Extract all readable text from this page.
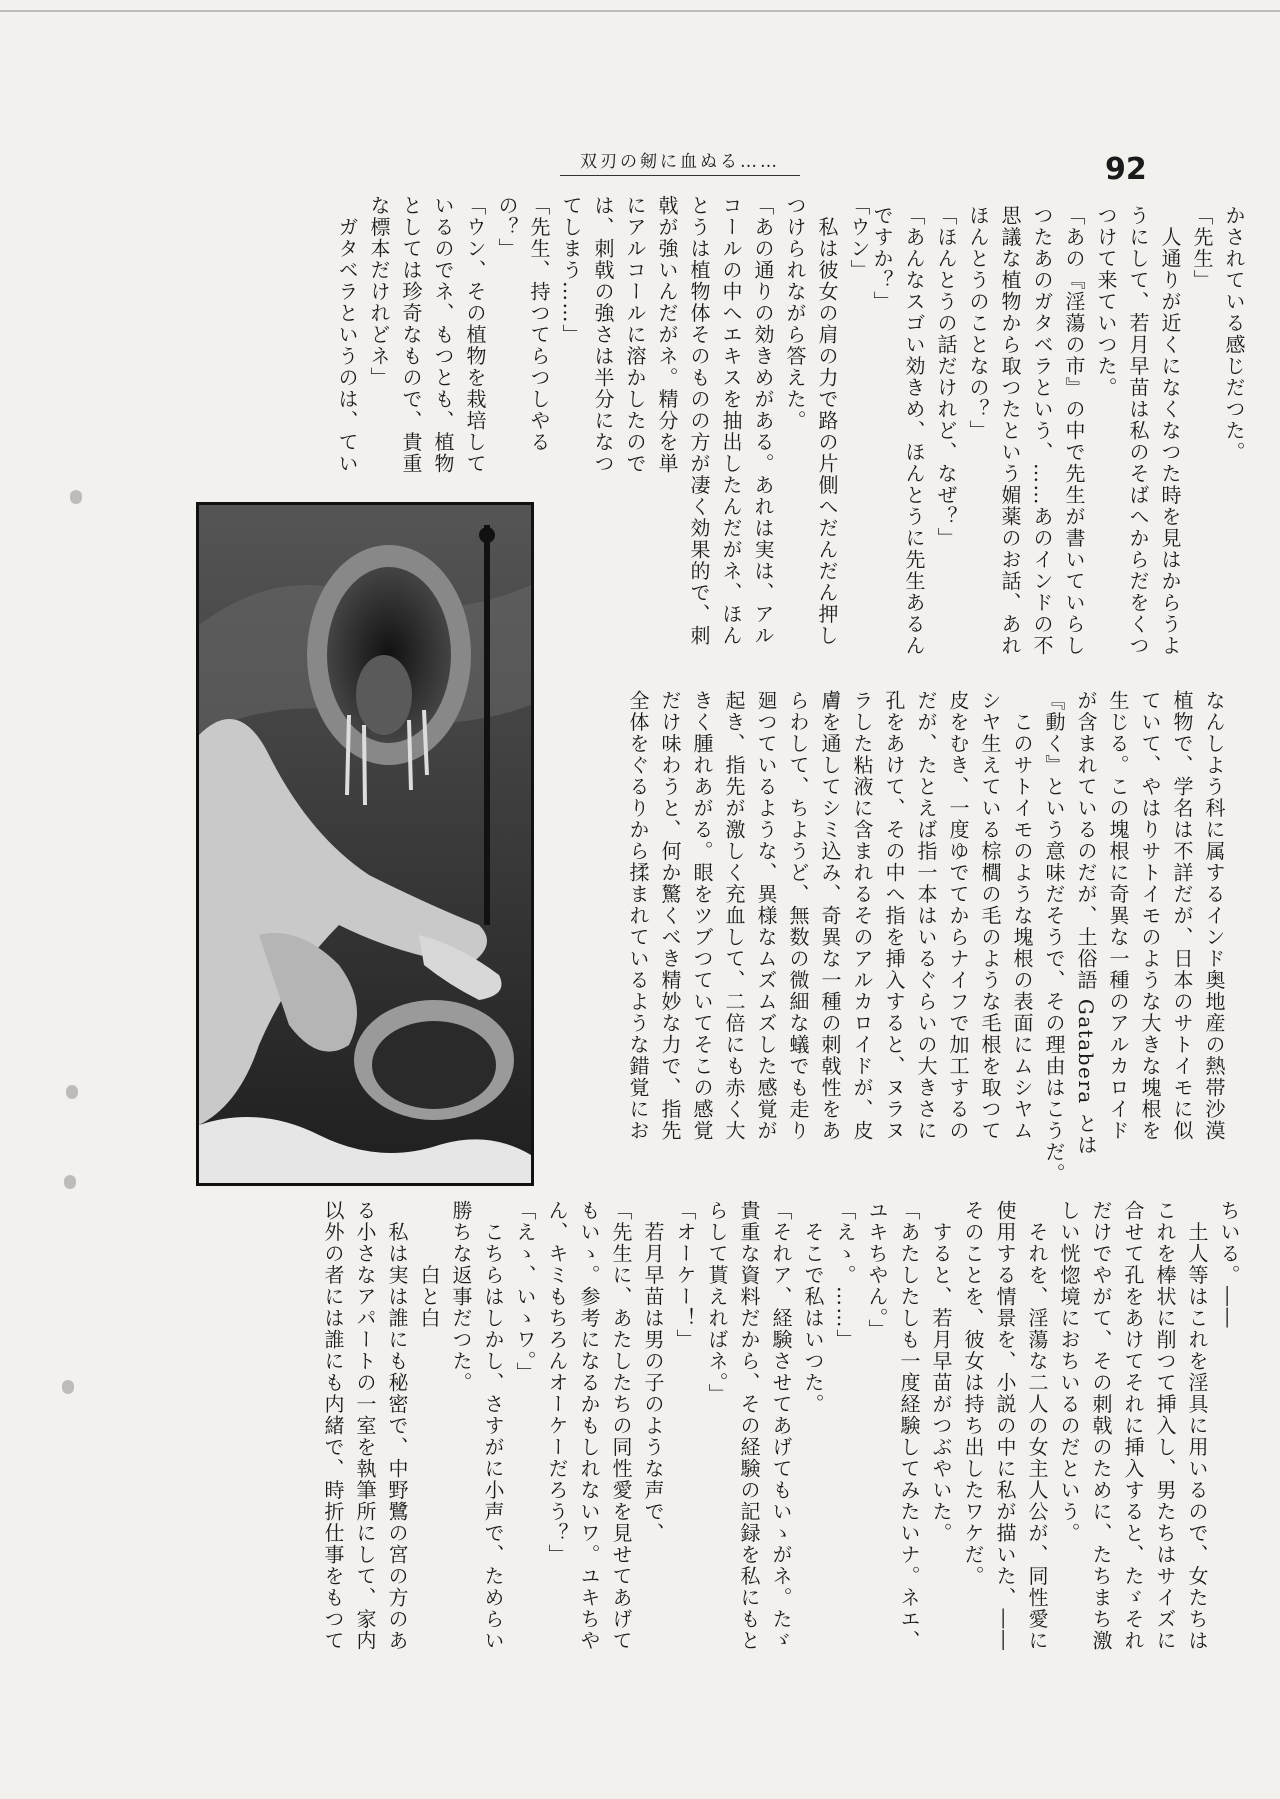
双刃の剱に血ぬる……	92
かされている感じだつた。
「先生」
　人通りが近くになくなつた時を見はからうよ
うにして、若月早苗は私のそばへからだをくつ
つけて来ていつた。
「あの『淫蕩の市』の中で先生が書いていらし
つたあのガタベラという、……あのインドの不
思議な植物から取つたという媚薬のお話、あれ
ほんとうのことなの？」
「ほんとうの話だけれど、なぜ？」
「あんなスゴい効きめ、ほんとうに先生あるん
ですか？」
「ウン」
　私は彼女の肩の力で路の片側へだんだん押し
つけられながら答えた。
「あの通りの効きめがある。あれは実は、アル
コールの中へエキスを抽出したんだがネ、ほん
とうは植物体そのものの方が凄く効果的で、刺
戟が強いんだがネ。精分を単
にアルコールに溶かしたので
は、刺戟の強さは半分になつ
てしまう……」
「先生、持つてらつしやる
の？」
「ウン、その植物を栽培して
いるのでネ、もつとも、植物
としては珍奇なもので、貴重
な標本だけれどネ」
　ガタベラというのは、てい
なんしよう科に属するインド奥地産の熱帯沙漠
植物で、学名は不詳だが、日本のサトイモに似
ていて、やはりサトイモのような大きな塊根を
生じる。この塊根に奇異な一種のアルカロイド
が含まれているのだが、土俗語 Gatabera とは
『動く』という意味だそうで、その理由はこうだ。
　このサトイモのような塊根の表面にムシヤム
シヤ生えている棕櫚の毛のような毛根を取つて
皮をむき、一度ゆでてからナイフで加工するの
だが、たとえば指一本はいるぐらいの大きさに
孔をあけて、その中へ指を挿入すると、ヌラヌ
ラした粘液に含まれるそのアルカロイドが、皮
膚を通してシミ込み、奇異な一種の刺戟性をあ
らわして、ちようど、無数の微細な蟻でも走り
廻つているような、異様なムズムズした感覚が
起き、指先が激しく充血して、二倍にも赤く大
きく腫れあがる。眼をツブつていてそこの感覚
だけ味わうと、何か驚くべき精妙な力で、指先
全体をぐるりから揉まれているような錯覚にお
ちいる。――
　土人等はこれを淫具に用いるので、女たちは
これを棒状に削つて挿入し、男たちはサイズに
合せて孔をあけてそれに挿入すると、たゞそれ
だけでやがて、その刺戟のために、たちまち激
しい恍惚境におちいるのだという。
　それを、淫蕩な二人の女主人公が、同性愛に
使用する情景を、小説の中に私が描いた、――
そのことを、彼女は持ち出したワケだ。
　すると、若月早苗がつぶやいた。
「あたしたしも一度経験してみたいナ。ネエ、
ユキちやん。」
「えゝ。……」
　そこで私はいつた。
「それア、経験させてあげてもいゝがネ。たゞ
貴重な資料だから、その経験の記録を私にもと
らして貰えればネ。」
「オーケー！」
　若月早苗は男の子のような声で、
「先生に、あたしたちの同性愛を見せてあげて
もいゝ。参考になるかもしれないワ。ユキちや
ん、キミもちろんオーケーだろう？」
「えゝ、いゝワ。」
　こちらはしかし、さすがに小声で、ためらい
勝ちな返事だつた。
　　　白と白
　私は実は誰にも秘密で、中野鷺の宮の方のあ
る小さなアパートの一室を執筆所にして、家内
以外の者には誰にも内緒で、時折仕事をもつて
